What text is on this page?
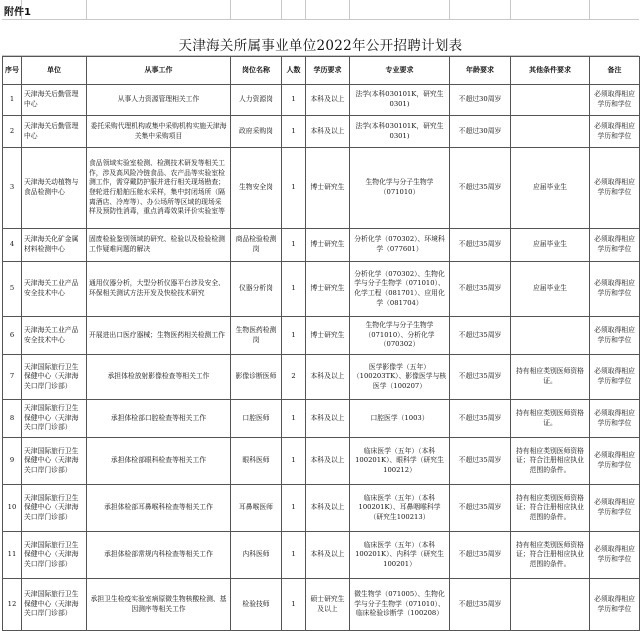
附件1
天津海关所属事业单位2022年公开招聘计划表
序号	单位	从事工作	岗位名称	人数	学历要求	专业要求	年龄要求	其他条件要求	备注
1	天津海关后勤管理中心	从事人力资源管理相关工作	人力资源岗	1	本科及以上	法学(本科030101K，研究生0301)	不超过30周岁		必须取得相应学历和学位
2	天津海关后勤管理中心	委托采购代理机构或集中采购机构实施天津海关集中采购项目	政府采购岗	1	本科及以上	法学(本科030101K，研究生0301)	不超过30周岁		必须取得相应学历和学位
3	天津海关动植物与食品检测中心	食品领域实验室检测、检测技术研发等相关工作，涉及高风险冷链食品、农产品等实验室检测工作，需穿戴防护服并进行相关现场勘查；登轮进行船舶压舱水采样，集中封闭场所（隔离酒店、冷库等）、办公场所等区域的现场采样及预防性消毒，重点消毒效果评价实验室等	生物安全岗	1	博士研究生	生物化学与分子生物学（071010）	不超过35周岁	应届毕业生	必须取得相应学历和学位
4	天津海关化矿金属材料检测中心	固废检验鉴别领域的研究、检验以及检验检测工作疑难问题的解决	商品检验检测岗	1	博士研究生	分析化学（070302）、环境科学（077601）	不超过35周岁	应届毕业生	必须取得相应学历和学位
5	天津海关工业产品安全技术中心	通用仪器分析，大型分析仪器平台涉及安全、环保相关测试方法开发及快检技术研究	仪器分析岗	1	博士研究生	分析化学（070302）、生物化学与分子生物学（071010）、化学工程（081701）、应用化学（081704）	不超过35周岁	应届毕业生	必须取得相应学历和学位
6	天津海关工业产品安全技术中心	开展进出口医疗器械；生物医药相关检测工作	生物医药检测岗	1	博士研究生	生物化学与分子生物学（071010）、分析化学（070302）	不超过35周岁		必须取得相应学历和学位
7	天津国际旅行卫生保健中心（天津海关口岸门诊部）	承担体检放射影像检查等相关工作	影像诊断医师	2	本科及以上	医学影像学（五年）（100203TK）、影像医学与核医学（100207）	不超过35周岁	持有相应类别医师资格证。	必须取得相应学历和学位
8	天津国际旅行卫生保健中心（天津海关口岸门诊部）	承担体检部口腔检查等相关工作	口腔医师	1	本科及以上	口腔医学（1003）	不超过35周岁	持有相应类别医师资格证。	必须取得相应学历和学位
9	天津国际旅行卫生保健中心（天津海关口岸门诊部）	承担体检部眼科检查等相关工作	眼科医师	1	本科及以上	临床医学（五年）（本科100201K）、眼科学（研究生100212）	不超过35周岁	持有相应类别医师资格证；符合注册相应执业范围的条件。	必须取得相应学历和学位
10	天津国际旅行卫生保健中心（天津海关口岸门诊部）	承担体检部耳鼻喉科检查等相关工作	耳鼻喉医师	1	本科及以上	临床医学（五年）（本科100201K）、耳鼻咽喉科学（研究生100213）	不超过35周岁	持有相应类别医师资格证；符合注册相应执业范围的条件。	必须取得相应学历和学位
11	天津国际旅行卫生保健中心（天津海关口岸门诊部）	承担体检部常规内科检查等相关工作	内科医师	1	本科及以上	临床医学（五年）（本科100201K）、内科学（研究生100201）	不超过35周岁	持有相应类别医师资格证；符合注册相应执业范围的条件。	必须取得相应学历和学位
12	天津国际旅行卫生保健中心（天津海关口岸门诊部）	承担卫生检疫实验室病原微生物核酸检测、基因测序等相关工作	检验技师	1	硕士研究生及以上	微生物学（071005）、生物化学与分子生物学（071010）、临床检验诊断学（100208）	不超过35周岁		必须取得相应学历和学位
